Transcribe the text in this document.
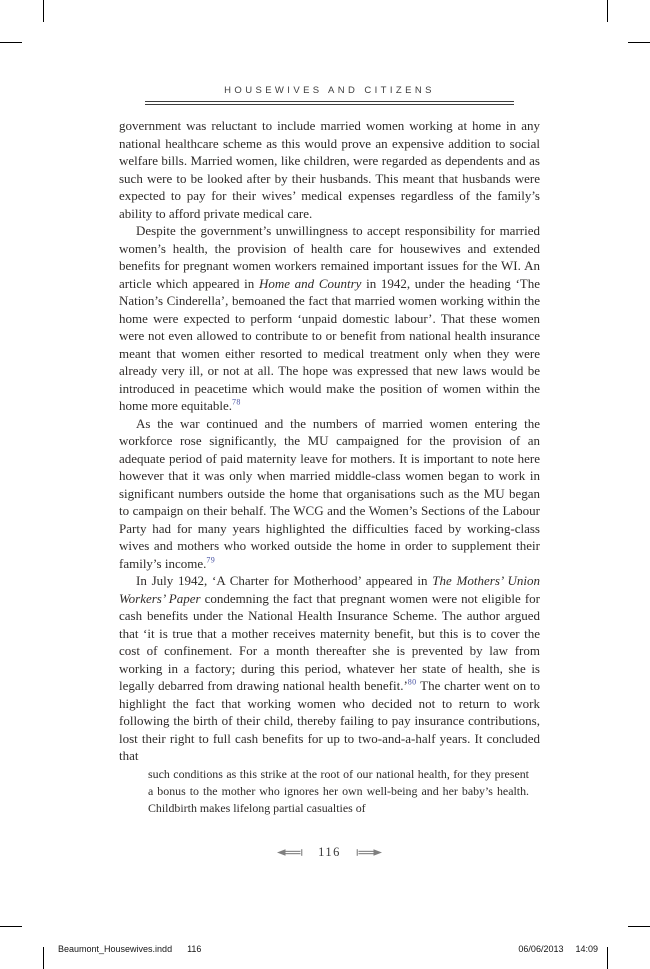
HOUSEWIVES AND CITIZENS

government was reluctant to include married women working at home in any national healthcare scheme as this would prove an expensive addition to social welfare bills. Married women, like children, were regarded as dependents and as such were to be looked after by their husbands. This meant that husbands were expected to pay for their wives’ medical expenses regardless of the family’s ability to afford private medical care.

Despite the government’s unwillingness to accept responsibility for married women’s health, the provision of health care for housewives and extended benefits for pregnant women workers remained important issues for the WI. An article which appeared in Home and Country in 1942, under the heading ‘The Nation’s Cinderella’, bemoaned the fact that married women working within the home were expected to perform ‘unpaid domestic labour’. That these women were not even allowed to contribute to or benefit from national health insurance meant that women either resorted to medical treatment only when they were already very ill, or not at all. The hope was expressed that new laws would be introduced in peacetime which would make the position of women within the home more equitable.$^{78}$

As the war continued and the numbers of married women entering the workforce rose significantly, the MU campaigned for the provision of an adequate period of paid maternity leave for mothers. It is important to note here however that it was only when married middle-class women began to work in significant numbers outside the home that organisations such as the MU began to campaign on their behalf. The WCG and the Women’s Sections of the Labour Party had for many years highlighted the difficulties faced by working-class wives and mothers who worked outside the home in order to supplement their family’s income.$^{79}$

In July 1942, ‘A Charter for Motherhood’ appeared in The Mothers’ Union Workers’ Paper condemning the fact that pregnant women were not eligible for cash benefits under the National Health Insurance Scheme. The author argued that ‘it is true that a mother receives maternity benefit, but this is to cover the cost of confinement. For a month thereafter she is prevented by law from working in a factory; during this period, whatever her state of health, she is legally debarred from drawing national health benefit.’$^{80}$ The charter went on to highlight the fact that working women who decided not to return to work following the birth of their child, thereby failing to pay insurance contributions, lost their right to full cash benefits for up to two-and-a-half years. It concluded that

such conditions as this strike at the root of our national health, for they present a bonus to the mother who ignores her own well-being and her baby’s health. Childbirth makes lifelong partial casualties of

116
Beaumont_Housewives.indd 116	06/06/2013 14:09
